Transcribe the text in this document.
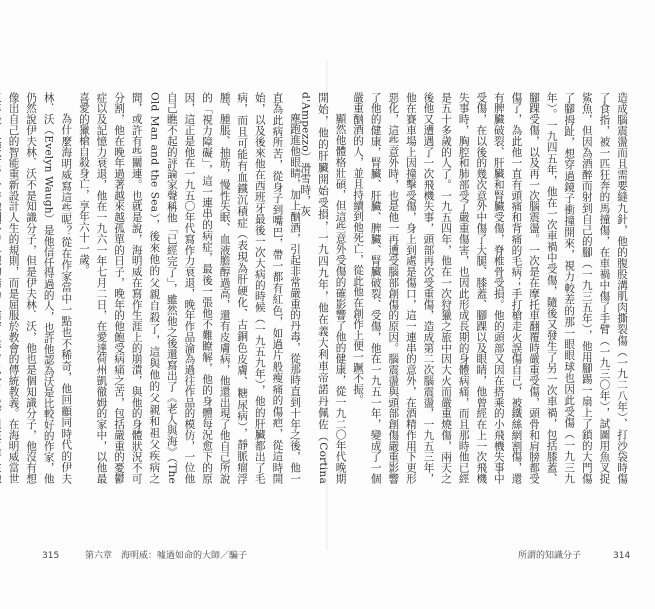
塵跑進他眼睛，加上酗酒，引起非常嚴重的丹毒，從那時直到十年之後，他一直為此病所苦，從身子到嘴巴，帶一都有紅色，如過片般瘦痛的傷疤，從這時開始，以及後來他在西班牙最後一次大病的時候（一九五九年），他的肝臟都出了毛病，而且可能有血鐵沉積症（表現為肝硬化、古銅色皮膚、糖尿病），靜脈瘤浮腫、腫脹、抽筋，慢性失眠、血液膽醇過高，還有皮膚病，他還出現了他自己所說的「視力障礙」，這一連串的病症，最後一張他不難瞭解，他的身體每況愈下的原因，這正是他在一九五〇年代寫作力衰退，晚年作品淪為過往作品的模仿，一位他自己瞧不起的評論家聲稱他「已經完了」，雖然他之後還寫出了《老人與海》（The Old Man and the Sea），後來他的父親自殺了，這與他的父親和祖父疾病之間，或許有些關連。也就是說，海明威在寫作生涯上的崩潰，與他的身體狀況不可分割，他在晚年過著越來越孤單的日子，晚年的他飽受病痛之苦，包括嚴重的憂鬱症以及記憶力衰退，他在一九六一年七月二日，在愛達荷州凱徹姆的家中，以他最喜愛的獵槍自殺身亡，享年六十一歲。

為什麼海明威寫這些呢？從在作家當中一點也不稀奇，他回顧同時代的伊夫林．沃（Evelyn Waugh）是他信任得過的人，也許他認為沃是比較好的作家，他仍然說伊夫林．沃不是知識分子，但是伊夫林．沃，他也是個知識分子，他沒有想像出自己的智能重新設計人生的規則，而是屈服於教會的傳統教義。在海明威當世

315	第六章　海明威：噓過如命的大師／騙子

造成腦震盪而且需要縫九針，他的腹股溝肌肉撕裂傷（一九二八年）、打沙袋時傷了食指，被一匹狂奔的馬撞傷，在車禍中傷了手臂（一九三〇年），試圖用魚叉捉鯊魚，但因為酒醉而射到自己的腳（一九三五年），他用腳踢一扇上了鎖的大門傷了腳拇趾，想穿過鏡子衝撞開來，視力較差的那一眼眼球也因此受傷（一九三九年）。一九四五年，他在一次車禍中受傷，隨後又發生了另一次車禍，包括膝蓋、腳踝受傷，以及再一次腦震盪。一次是在摩托車翻覆時嚴重受傷，頭骨和肩膀都受傷了，為此他一直有頭痛和背痛的毛病；手打槍走火誤傷自己，被鐵絲網割傷，還有脾臟破裂、肝臟和腎臟受傷，脊椎骨受損。他的頭部又因在搭乘的小飛機失事中受傷，在以後的幾次意外中傷了大腿、膝蓋、腳踝以及眼睛，他曾經在上一次飛機失事時，胸腔和肺部受了嚴重傷害，也因此形成長期的身體病痛，而且那時他已經是五十多歲的人了。一九五四年，他在一次狩獵之旅中因大火而嚴重燒傷，兩天之後他又遭遇了一次飛機失事，頭部再次受重傷，造成第二次腦震盪，一九五三年，他在賽車場上因撞擊受傷，身上到處是傷口，這一連串的意外，在酒精作用下更形惡化，這些意外時，也是他一再遭受腦部創傷的原因。腦震盪與頭部創傷嚴重影響了他的健康，腎臟、肝臟、脾臟、腎臟破裂、受傷，他在一九五一年，變成了一個嚴重酗酒的人，並且持續到他死亡，從此他在創作上便一蹶不振。

顯然他體格壯碩，但這些意外受傷的確影響了他的健康，從一九二〇年代晚期開始，他的肝臟開始受損，一九四九年，他在義大利車帝諾丹佩佐（Cortina d'Ampezzo）滑雪時，灰

所謂的知識分子	314
